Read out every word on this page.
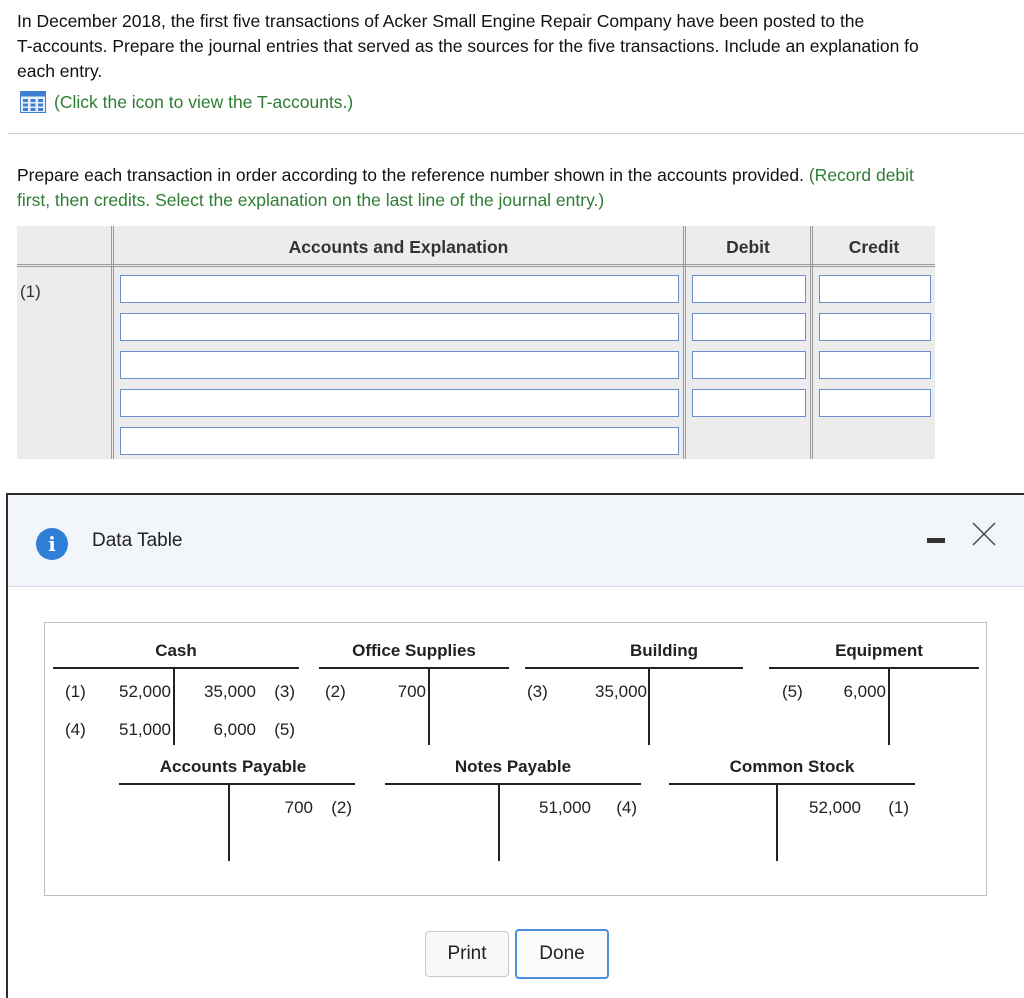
In December 2018, the first five transactions of Acker Small Engine Repair Company have been posted to the
T-accounts. Prepare the journal entries that served as the sources for the five transactions. Include an explanation fo
each entry.
(Click the icon to view the T-accounts.)
Prepare each transaction in order according to the reference number shown in the accounts provided. (Record debit
first, then credits. Select the explanation on the last line of the journal entry.)
Accounts and Explanation	Debit	Credit
(1)
i	Data Table
Cash
(1) 52,000
(4) 51,000
35,000 (3)
6,000 (5)
Office Supplies
(2)	700
Building
(3)	35,000
Equipment
(5) 6,000
Accounts Payable
700 (2)
Notes Payable
51,000 (4)
Common Stock
52,000 (1)
Print	Done
